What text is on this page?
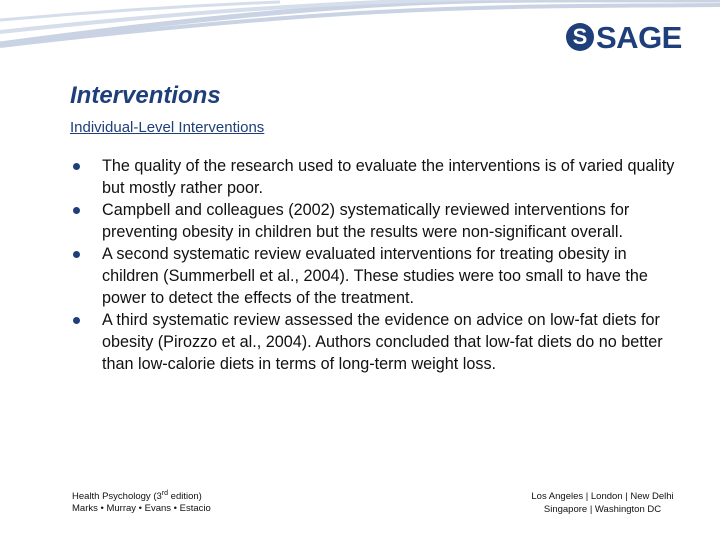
S SAGE
Interventions
Individual-Level Interventions
The quality of the research used to evaluate the interventions is of varied quality but mostly rather poor.
Campbell and colleagues (2002) systematically reviewed interventions for preventing obesity in children but the results were non-significant overall.
A second systematic review evaluated interventions for treating obesity in children (Summerbell et al., 2004). These studies were too small to have the power to detect the effects of the treatment.
A third systematic review assessed the evidence on advice on low-fat diets for obesity (Pirozzo et al., 2004). Authors concluded that low-fat diets do no better than low-calorie diets in terms of long-term weight loss.
Health Psychology (3rd edition)
Marks • Murray • Evans • Estacio
Los Angeles | London | New Delhi
Singapore | Washington DC
